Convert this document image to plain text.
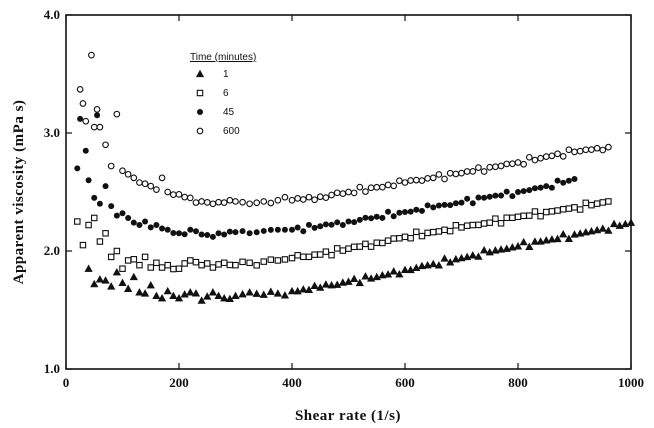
0	200	400	600	800	1000
1.0
2.0
3.0
4.0
Time (minutes)
1
6
45
600
Shear rate (1/s)
Apparent viscosity (mPa s)
